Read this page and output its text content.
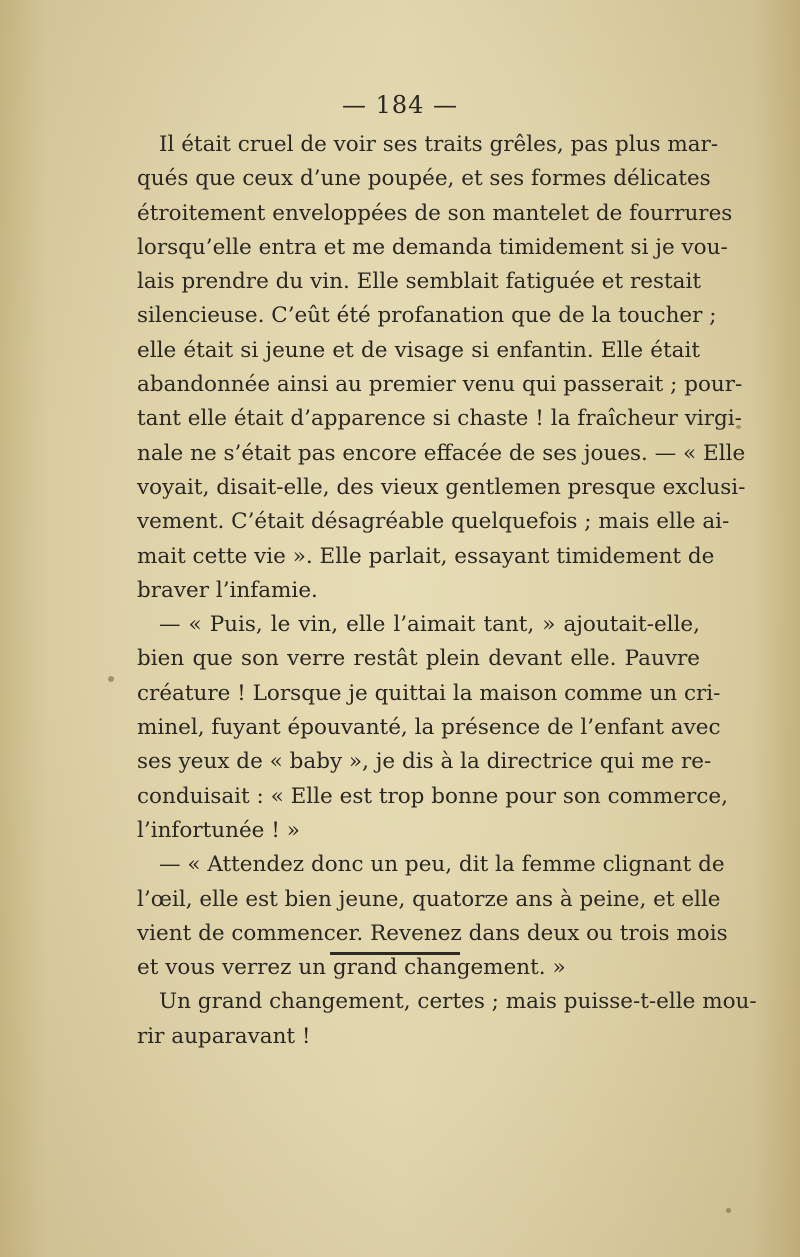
— 184 —
Il était cruel de voir ses traits grêles, pas plus mar-
qués que ceux d’une poupée, et ses formes délicates
étroitement enveloppées de son mantelet de fourrures
lorsqu’elle entra et me demanda timidement si je vou-
lais prendre du vin. Elle semblait fatiguée et restait
silencieuse. C’eût été profanation que de la toucher ;
elle était si jeune et de visage si enfantin. Elle était
abandonnée ainsi au premier venu qui passerait ; pour-
tant elle était d’apparence si chaste ! la fraîcheur virgi-
nale ne s’était pas encore effacée de ses joues. — « Elle
voyait, disait-elle, des vieux gentlemen presque exclusi-
vement. C’était désagréable quelquefois ; mais elle ai-
mait cette vie ». Elle parlait, essayant timidement de
braver l’infamie.
— « Puis, le vin, elle l’aimait tant, » ajoutait-elle,
bien que son verre restât plein devant elle. Pauvre
créature ! Lorsque je quittai la maison comme un cri-
minel, fuyant épouvanté, la présence de l’enfant avec
ses yeux de « baby », je dis à la directrice qui me re-
conduisait : « Elle est trop bonne pour son commerce,
l’infortunée ! »
— « Attendez donc un peu, dit la femme clignant de
l’œil, elle est bien jeune, quatorze ans à peine, et elle
vient de commencer. Revenez dans deux ou trois mois
et vous verrez un grand changement. »
Un grand changement, certes ; mais puisse-t-elle mou-
rir auparavant !
